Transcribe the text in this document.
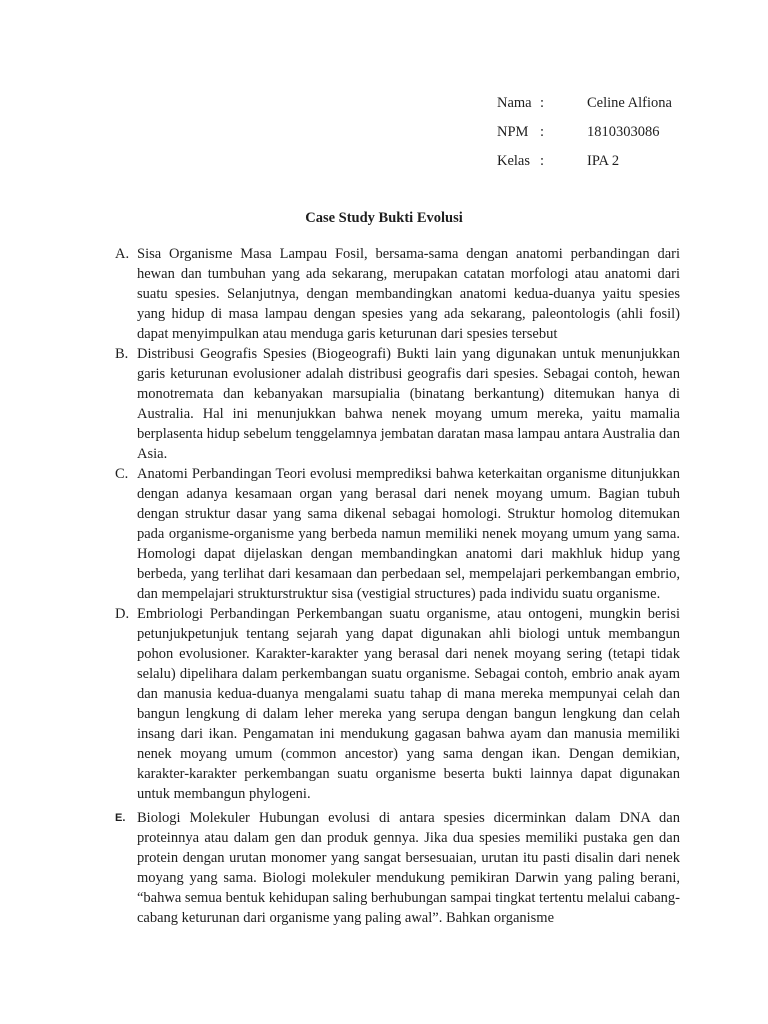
Nama :	Celine Alfiona
NPM :	1810303086
Kelas :	IPA 2
Case Study Bukti Evolusi
A. Sisa Organisme Masa Lampau Fosil, bersama-sama dengan anatomi perbandingan dari hewan dan tumbuhan yang ada sekarang, merupakan catatan morfologi atau anatomi dari suatu spesies. Selanjutnya, dengan membandingkan anatomi kedua-duanya yaitu spesies yang hidup di masa lampau dengan spesies yang ada sekarang, paleontologis (ahli fosil) dapat menyimpulkan atau menduga garis keturunan dari spesies tersebut

B. Distribusi Geografis Spesies (Biogeografi) Bukti lain yang digunakan untuk menunjukkan garis keturunan evolusioner adalah distribusi geografis dari spesies. Sebagai contoh, hewan monotremata dan kebanyakan marsupialia (binatang berkantung) ditemukan hanya di Australia. Hal ini menunjukkan bahwa nenek moyang umum mereka, yaitu mamalia berplasenta hidup sebelum tenggelamnya jembatan daratan masa lampau antara Australia dan Asia.

C. Anatomi Perbandingan Teori evolusi memprediksi bahwa keterkaitan organisme ditunjukkan dengan adanya kesamaan organ yang berasal dari nenek moyang umum. Bagian tubuh dengan struktur dasar yang sama dikenal sebagai homologi. Struktur homolog ditemukan pada organisme-organisme yang berbeda namun memiliki nenek moyang umum yang sama. Homologi dapat dijelaskan dengan membandingkan anatomi dari makhluk hidup yang berbeda, yang terlihat dari kesamaan dan perbedaan sel, mempelajari perkembangan embrio, dan mempelajari strukturstruktur sisa (vestigial structures) pada individu suatu organisme.

D. Embriologi Perbandingan Perkembangan suatu organisme, atau ontogeni, mungkin berisi petunjukpetunjuk tentang sejarah yang dapat digunakan ahli biologi untuk membangun pohon evolusioner. Karakter-karakter yang berasal dari nenek moyang sering (tetapi tidak selalu) dipelihara dalam perkembangan suatu organisme. Sebagai contoh, embrio anak ayam dan manusia kedua-duanya mengalami suatu tahap di mana mereka mempunyai celah dan bangun lengkung di dalam leher mereka yang serupa dengan bangun lengkung dan celah insang dari ikan. Pengamatan ini mendukung gagasan bahwa ayam dan manusia memiliki nenek moyang umum (common ancestor) yang sama dengan ikan. Dengan demikian, karakter-karakter perkembangan suatu organisme beserta bukti lainnya dapat digunakan untuk membangun phylogeni.

E. Biologi Molekuler Hubungan evolusi di antara spesies dicerminkan dalam DNA dan proteinnya atau dalam gen dan produk gennya. Jika dua spesies memiliki pustaka gen dan protein dengan urutan monomer yang sangat bersesuaian, urutan itu pasti disalin dari nenek moyang yang sama. Biologi molekuler mendukung pemikiran Darwin yang paling berani, “bahwa semua bentuk kehidupan saling berhubungan sampai tingkat tertentu melalui cabang-cabang keturunan dari organisme yang paling awal”. Bahkan organisme
